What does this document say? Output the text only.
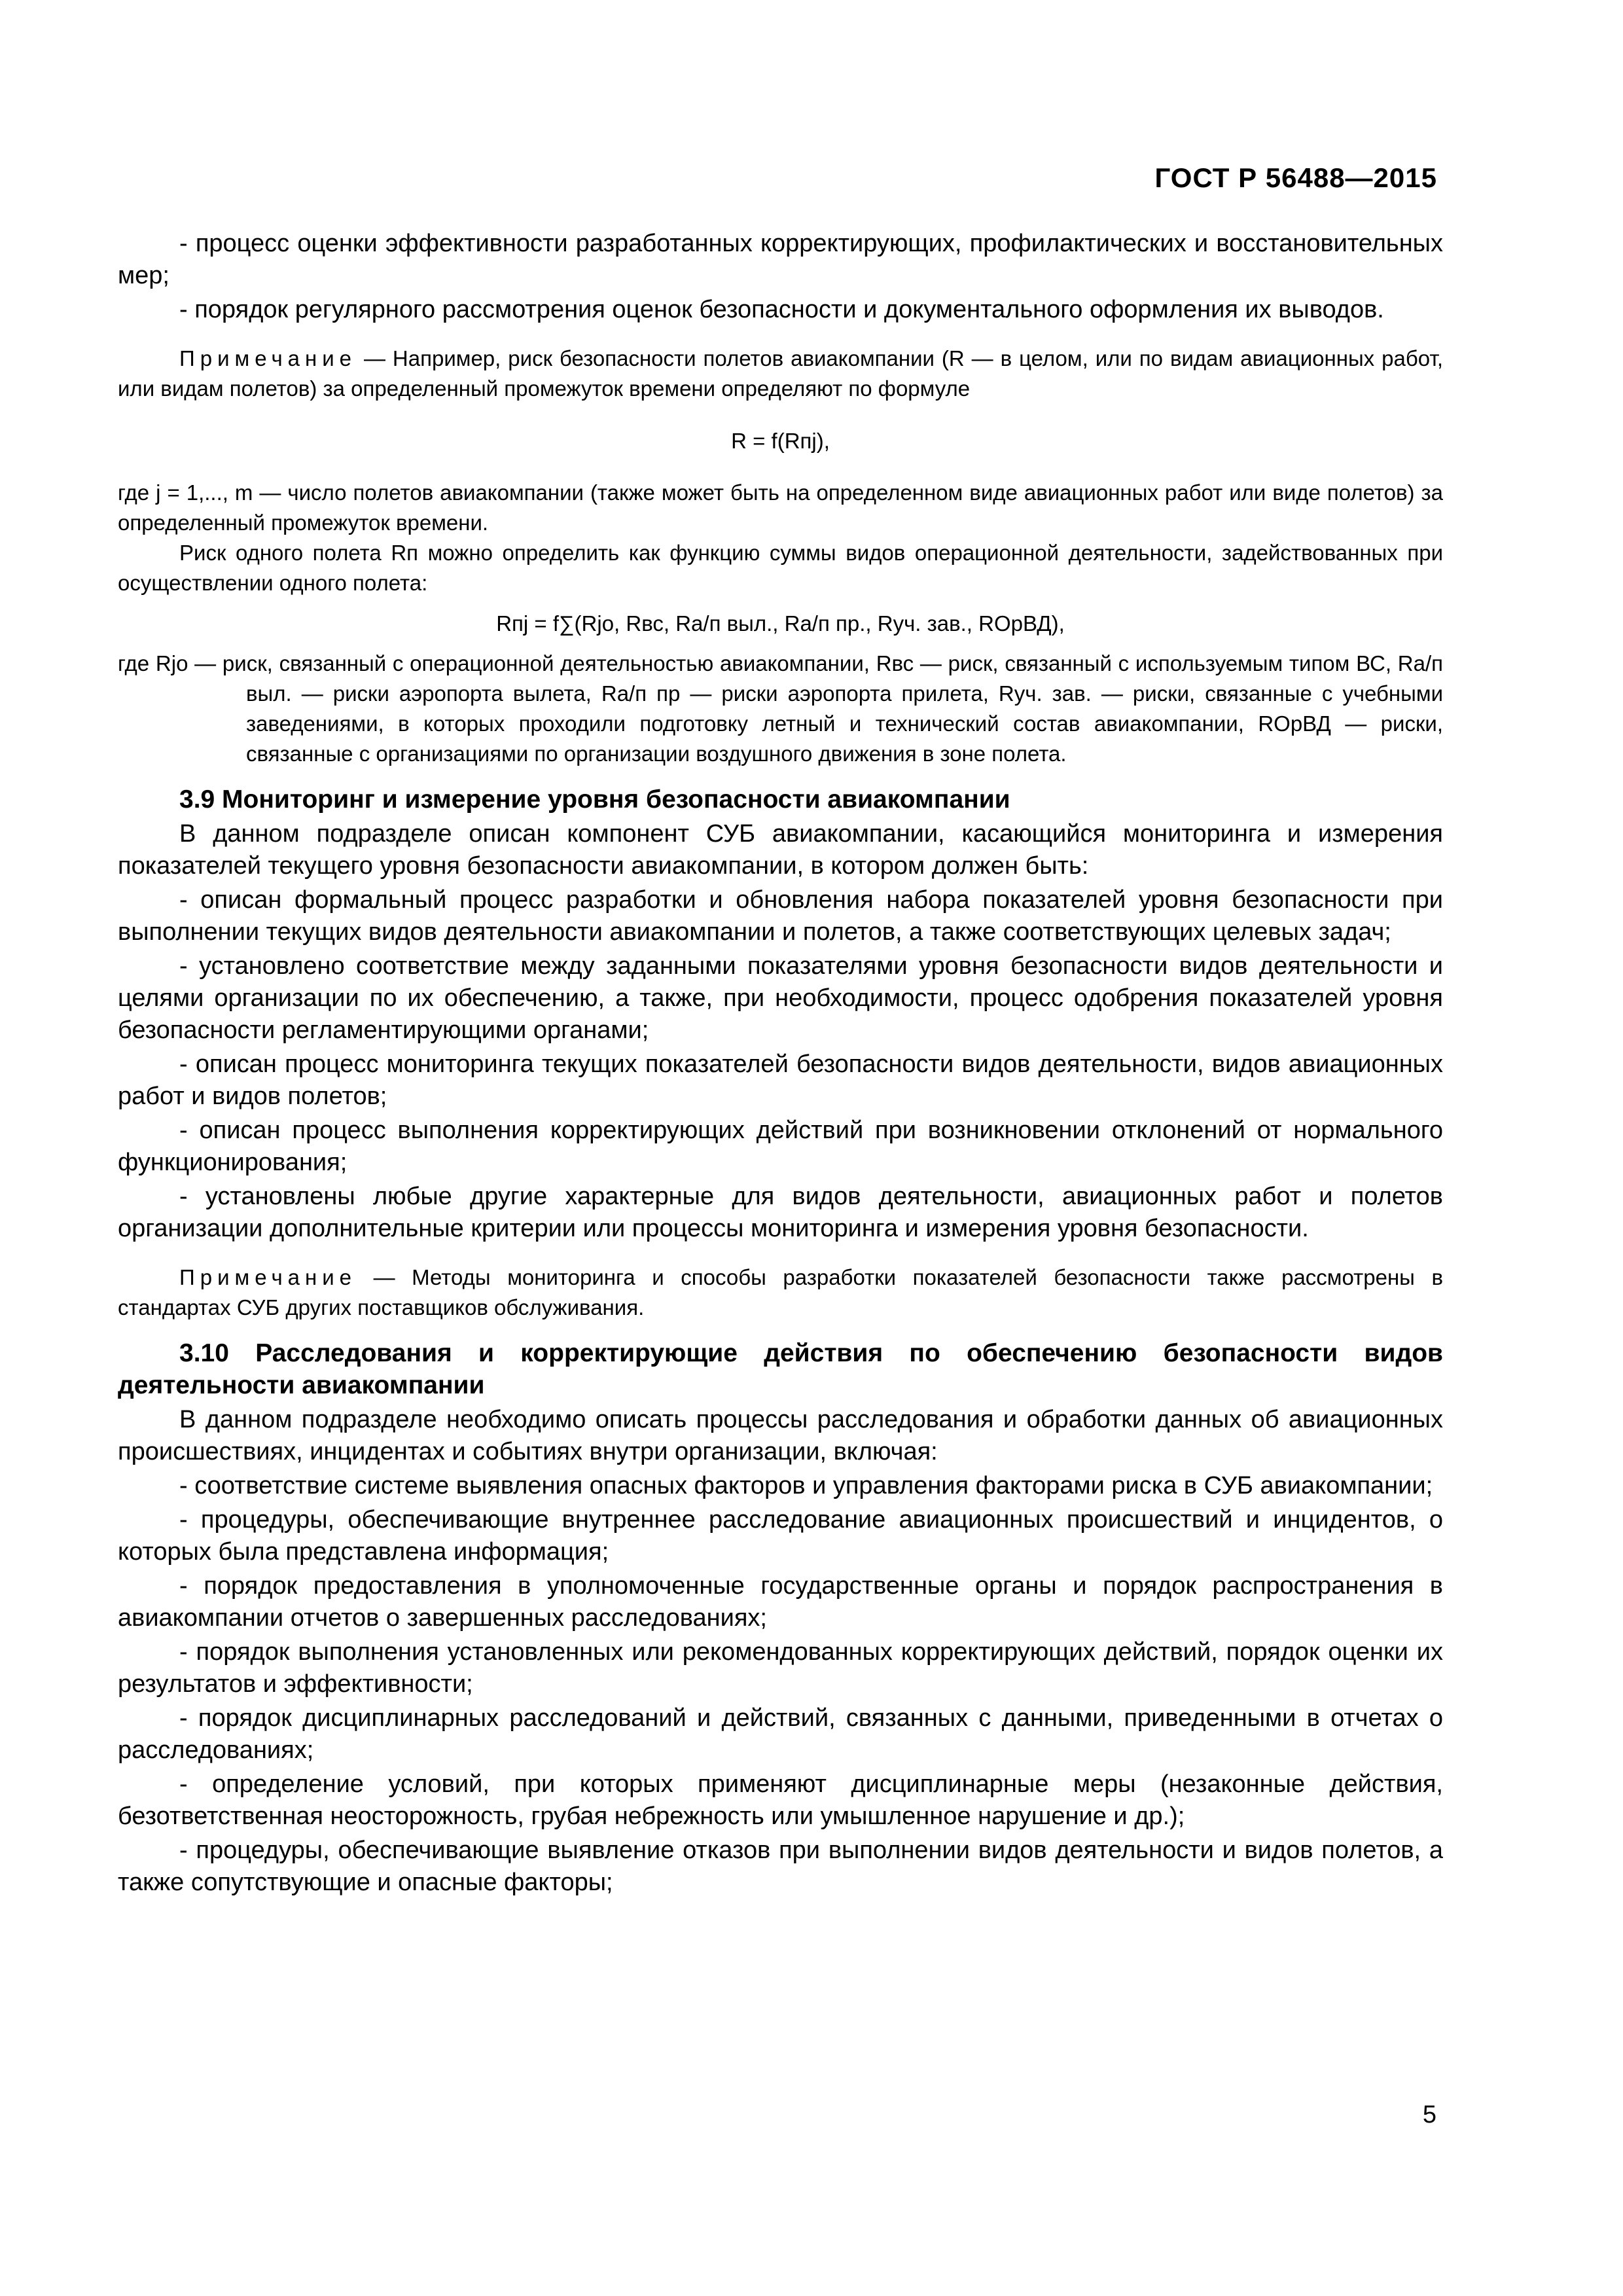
ГОСТ Р 56488—2015

- процесс оценки эффективности разработанных корректирующих, профилактических и восстановительных мер;

- порядок регулярного рассмотрения оценок безопасности и документального оформления их выводов.

Примечание — Например, риск безопасности полетов авиакомпании (R — в целом, или по видам авиационных работ, или видам полетов) за определенный промежуток времени определяют по формуле

R = f(Rпj),

где j = 1,..., m — число полетов авиакомпании (также может быть на определенном виде авиационных работ или виде полетов) за определенный промежуток времени.

Риск одного полета Rп можно определить как функцию суммы видов операционной деятельности, задействованных при осуществлении одного полета:

Rпj = f∑(Rjо, Rвс, Rа/п выл., Rа/п пр., Rуч. зав., RОрВД),

где Rjо — риск, связанный с операционной деятельностью авиакомпании, Rвс — риск, связанный с используемым типом ВС, Rа/п выл. — риски аэропорта вылета, Rа/п пр — риски аэропорта прилета, Rуч. зав. — риски, связанные с учебными заведениями, в которых проходили подготовку летный и технический состав авиакомпании, RОрВД — риски, связанные с организациями по организации воздушного движения в зоне полета.

3.9 Мониторинг и измерение уровня безопасности авиакомпании

В данном подразделе описан компонент СУБ авиакомпании, касающийся мониторинга и измерения показателей текущего уровня безопасности авиакомпании, в котором должен быть:

- описан формальный процесс разработки и обновления набора показателей уровня безопасности при выполнении текущих видов деятельности авиакомпании и полетов, а также соответствующих целевых задач;

- установлено соответствие между заданными показателями уровня безопасности видов деятельности и целями организации по их обеспечению, а также, при необходимости, процесс одобрения показателей уровня безопасности регламентирующими органами;

- описан процесс мониторинга текущих показателей безопасности видов деятельности, видов авиационных работ и видов полетов;

- описан процесс выполнения корректирующих действий при возникновении отклонений от нормального функционирования;

- установлены любые другие характерные для видов деятельности, авиационных работ и полетов организации дополнительные критерии или процессы мониторинга и измерения уровня безопасности.

Примечание — Методы мониторинга и способы разработки показателей безопасности также рассмотрены в стандартах СУБ других поставщиков обслуживания.

3.10 Расследования и корректирующие действия по обеспечению безопасности видов деятельности авиакомпании

В данном подразделе необходимо описать процессы расследования и обработки данных об авиационных происшествиях, инцидентах и событиях внутри организации, включая:

- соответствие системе выявления опасных факторов и управления факторами риска в СУБ авиакомпании;

- процедуры, обеспечивающие внутреннее расследование авиационных происшествий и инцидентов, о которых была представлена информация;

- порядок предоставления в уполномоченные государственные органы и порядок распространения в авиакомпании отчетов о завершенных расследованиях;

- порядок выполнения установленных или рекомендованных корректирующих действий, порядок оценки их результатов и эффективности;

- порядок дисциплинарных расследований и действий, связанных с данными, приведенными в отчетах о расследованиях;

- определение условий, при которых применяют дисциплинарные меры (незаконные действия, безответственная неосторожность, грубая небрежность или умышленное нарушение и др.);

- процедуры, обеспечивающие выявление отказов при выполнении видов деятельности и видов полетов, а также сопутствующие и опасные факторы;

5
